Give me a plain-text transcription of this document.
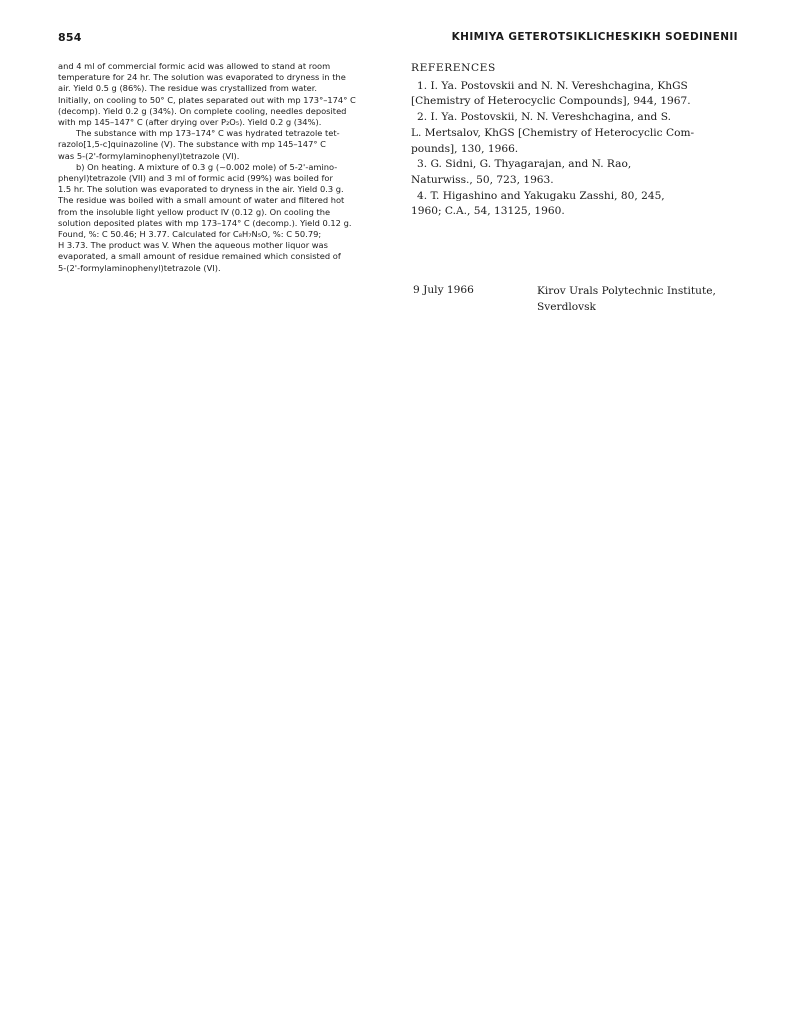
854	KHIMIYA GETEROTSIKLICHESKIKH SOEDINENII
and 4 ml of commercial formic acid was allowed to stand at room
temperature for 24 hr. The solution was evaporated to dryness in the
air. Yield 0.5 g (86%). The residue was crystallized from water.
Initially, on cooling to 50° C, plates separated out with mp 173°–174° C
(decomp). Yield 0.2 g (34%). On complete cooling, needles deposited
with mp 145–147° C (after drying over P₂O₅). Yield 0.2 g (34%).
The substance with mp 173–174° C was hydrated tetrazole tet-
razolo[1,5-c]quinazoline (V). The substance with mp 145–147° C
was 5-(2'-formylaminophenyl)tetrazole (VI).
b) On heating. A mixture of 0.3 g (~0.002 mole) of 5-2'-amino-
phenyl)tetrazole (VII) and 3 ml of formic acid (99%) was boiled for
1.5 hr. The solution was evaporated to dryness in the air. Yield 0.3 g.
The residue was boiled with a small amount of water and filtered hot
from the insoluble light yellow product IV (0.12 g). On cooling the
solution deposited plates with mp 173–174° C (decomp.). Yield 0.12 g.
Found, %: C 50.46; H 3.77. Calculated for C₈H₇N₅O, %: C 50.79;
H 3.73. The product was V. When the aqueous mother liquor was
evaporated, a small amount of residue remained which consisted of
5-(2'-formylaminophenyl)tetrazole (VI).
REFERENCES
1. I. Ya. Postovskii and N. N. Vereshchagina, KhGS
[Chemistry of Heterocyclic Compounds], 944, 1967.
2. I. Ya. Postovskii, N. N. Vereshchagina, and S.
L. Mertsalov, KhGS [Chemistry of Heterocyclic Com-
pounds], 130, 1966.
3. G. Sidni, G. Thyagarajan, and N. Rao,
Naturwiss., 50, 723, 1963.
4. T. Higashino and Yakugaku Zasshi, 80, 245,
1960; C.A., 54, 13125, 1960.
9 July 1966	Kirov Urals Polytechnic Institute,
Sverdlovsk
